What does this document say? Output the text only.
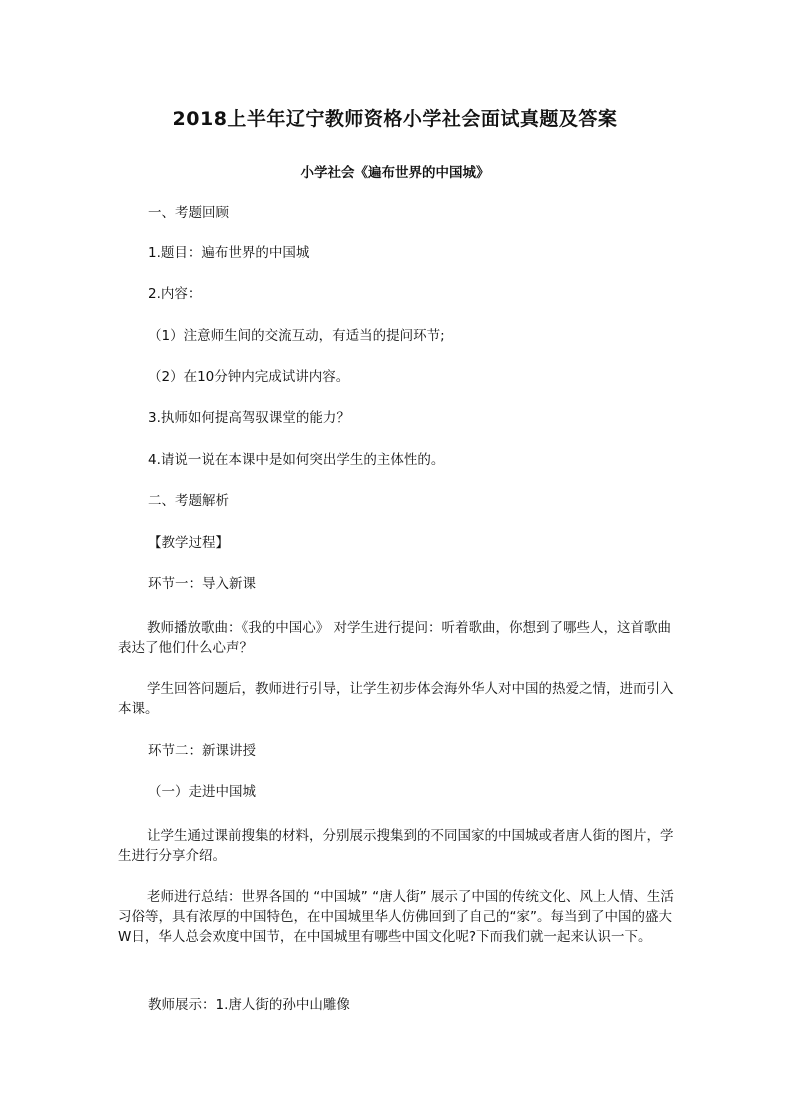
2018上半年辽宁教师资格小学社会面试真题及答案
小学社会《遍布世界的中国城》
一、考题回顾
1.题目：遍布世界的中国城
2.内容：
（1）注意师生间的交流互动，有适当的提问环节;
（2）在10分钟内完成试讲内容。
3.执师如何提高驾驭课堂的能力？
4.请说一说在本课中是如何突出学生的主体性的。
二、考题解析
【教学过程】
环节一：导入新课
教师播放歌曲：《我的中国心》 对学生进行提问：听着歌曲，你想到了哪些人，这首歌曲表达了他们什么心声？
学生回答问题后，教师进行引导，让学生初步体会海外华人对中国的热爱之情，进而引入本课。
环节二：新课讲授
（一）走进中国城
让学生通过课前搜集的材料，分别展示搜集到的不同国家的中国城或者唐人街的图片，学生进行分享介绍。
老师进行总结：世界各国的 “中国城” “唐人街” 展示了中国的传统文化、风上人情、生活习俗等，具有浓厚的中国特色，在中国城里华人仿佛回到了自己的“家”。每当到了中国的盛大W日，华人总会欢度中国节，在中国城里有哪些中国文化呢?下而我们就一起来认识一下。
教师展示：1.唐人街的孙中山雕像
